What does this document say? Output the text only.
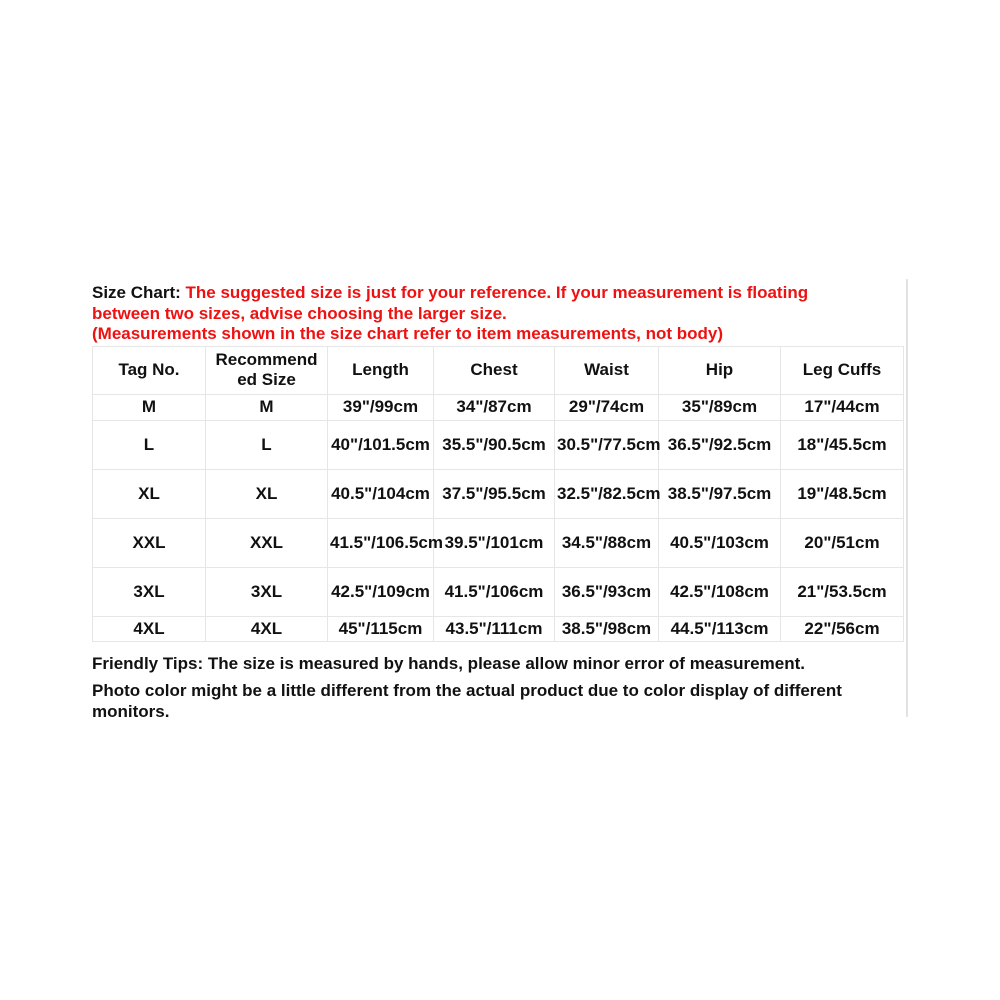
Size Chart: The suggested size is just for your reference. If your measurement is floating
between two sizes, advise choosing the larger size.
(Measurements shown in the size chart refer to item measurements, not body)
Tag No.	Recommend ed Size	Length	Chest	Waist	Hip	Leg Cuffs
M	M	39"/99cm	34"/87cm	29"/74cm	35"/89cm	17"/44cm
L	L	40"/101.5cm	35.5"/90.5cm	30.5"/77.5cm	36.5"/92.5cm	18"/45.5cm
XL	XL	40.5"/104cm	37.5"/95.5cm	32.5"/82.5cm	38.5"/97.5cm	19"/48.5cm
XXL	XXL	41.5"/106.5cm	39.5"/101cm	34.5"/88cm	40.5"/103cm	20"/51cm
3XL	3XL	42.5"/109cm	41.5"/106cm	36.5"/93cm	42.5"/108cm	21"/53.5cm
4XL	4XL	45"/115cm	43.5"/111cm	38.5"/98cm	44.5"/113cm	22"/56cm

Friendly Tips: The size is measured by hands, please allow minor error of measurement.

Photo color might be a little different from the actual product due to color display of different monitors.
